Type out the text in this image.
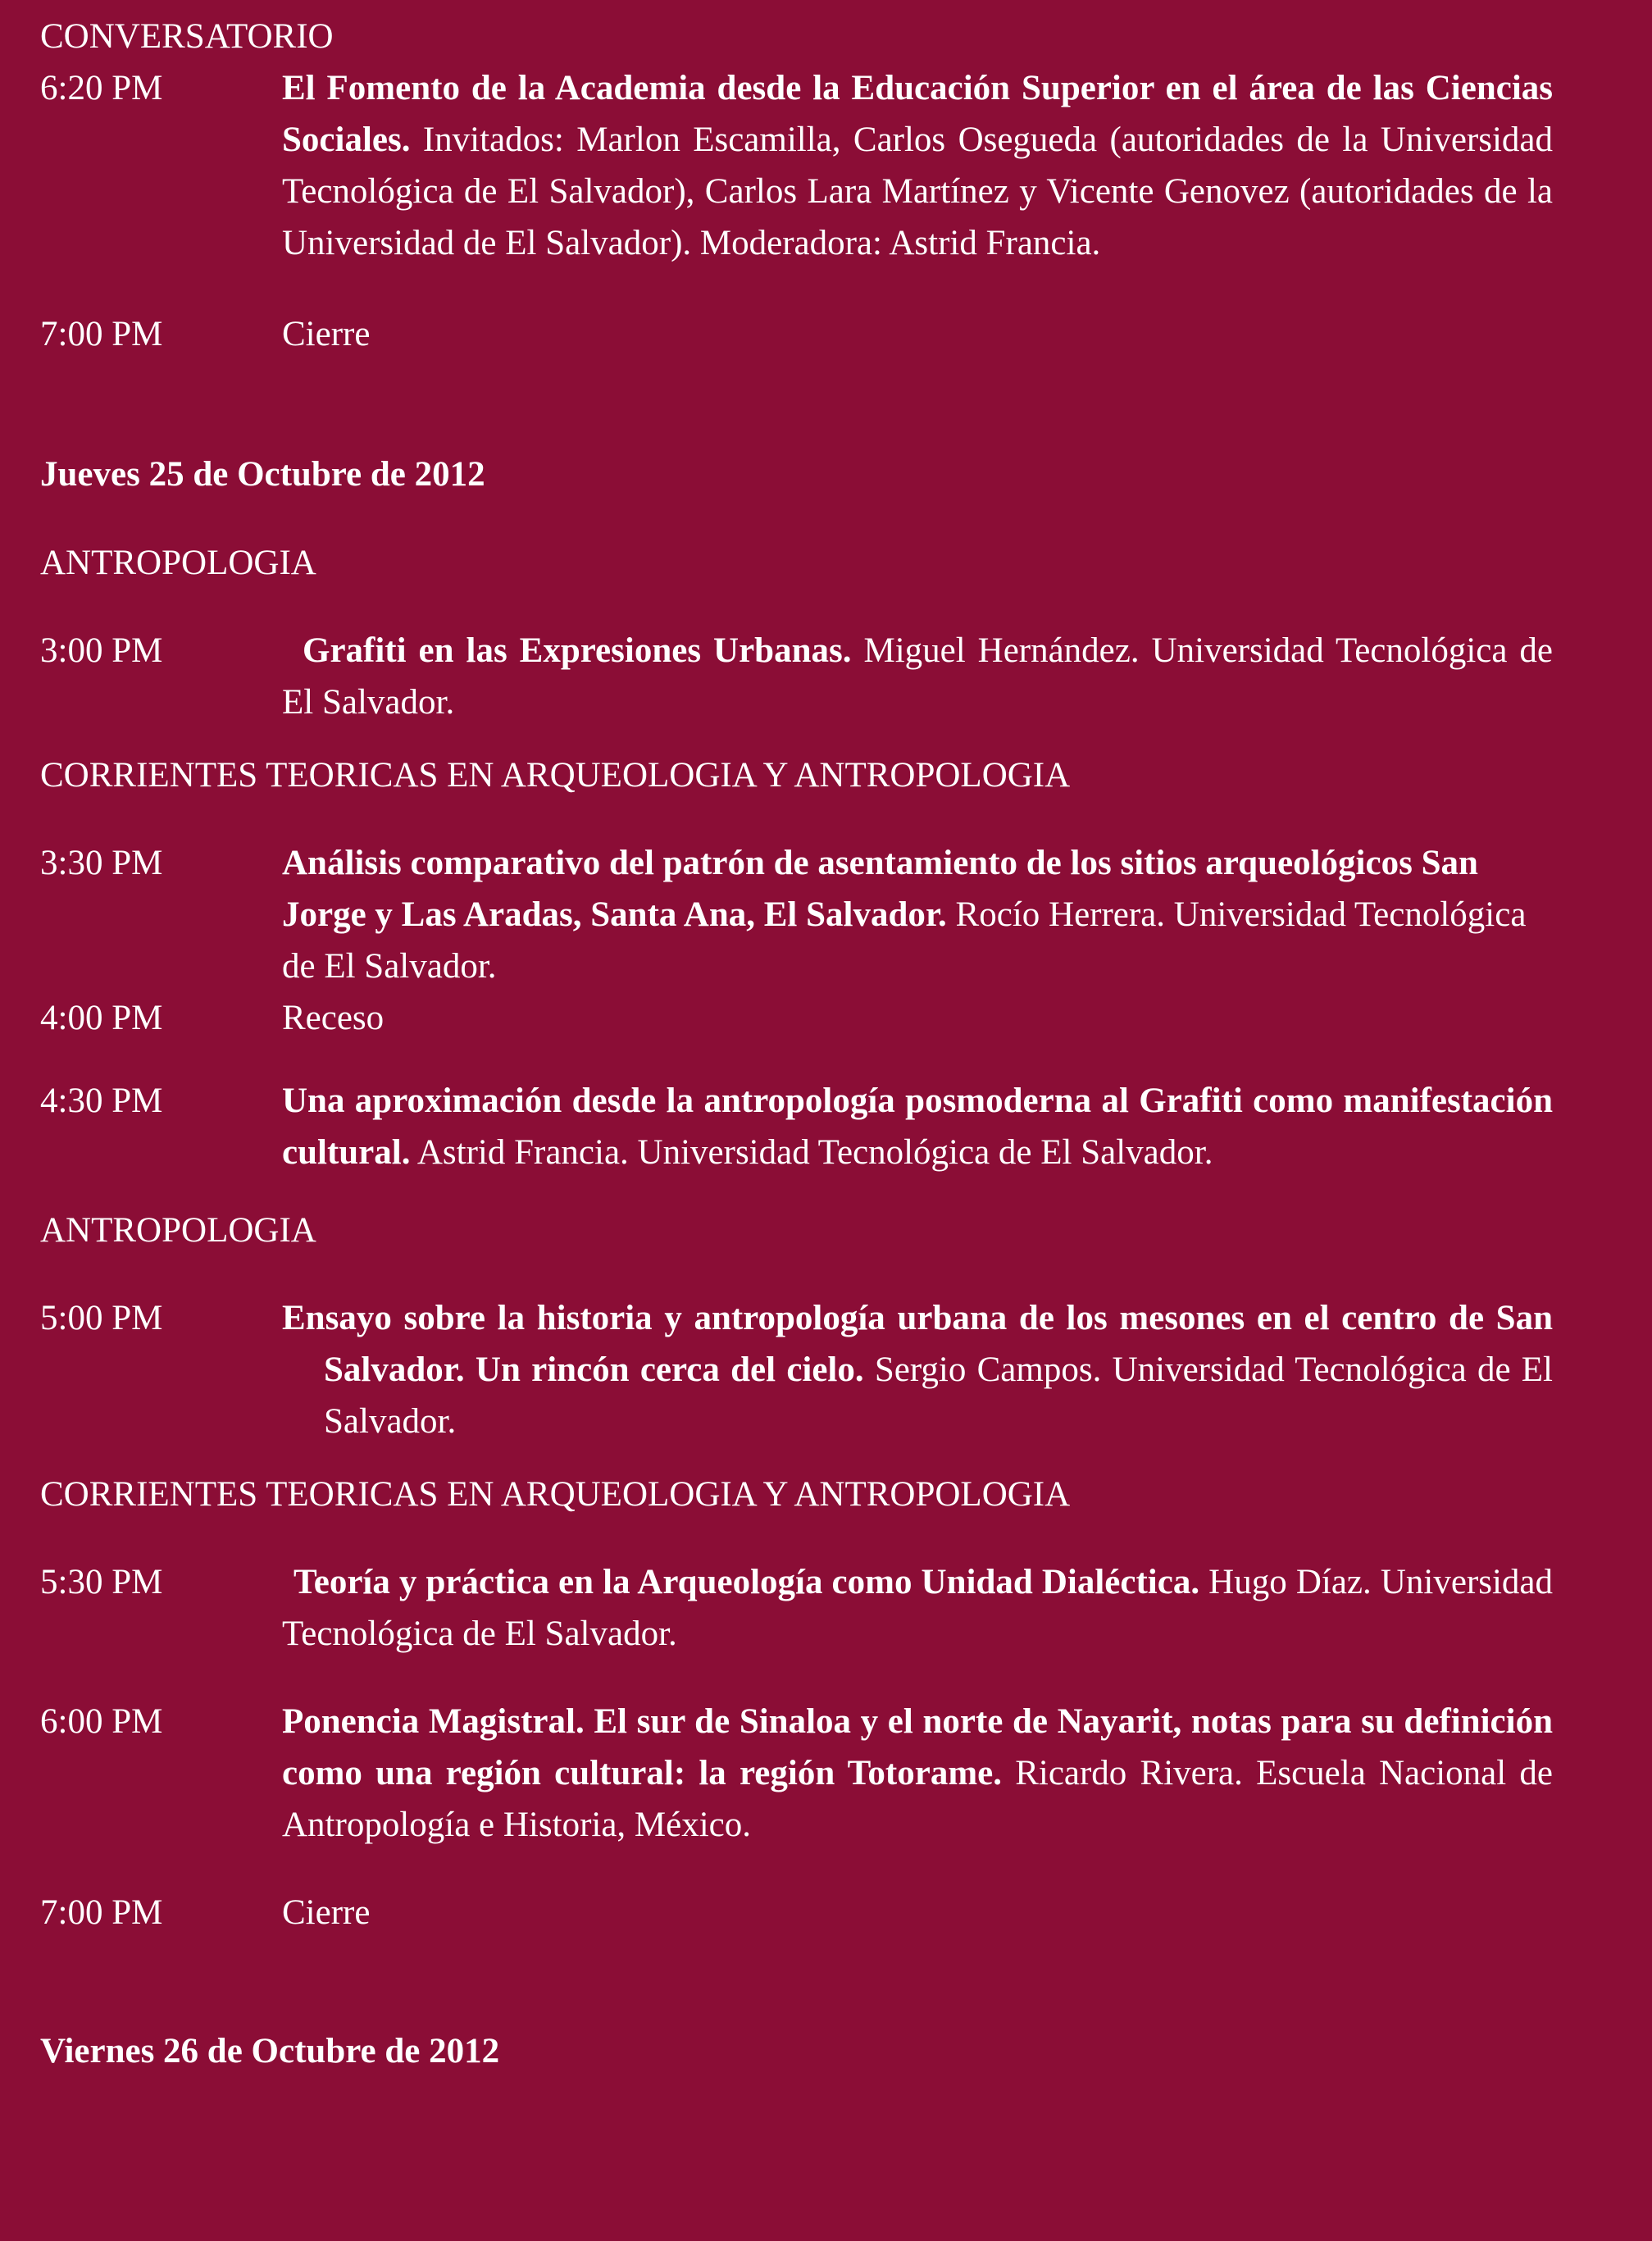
CONVERSATORIO
6:20 PM	El Fomento de la Academia desde la Educación Superior en el área de las Ciencias Sociales. Invitados: Marlon Escamilla, Carlos Osegueda (autoridades de la Universidad Tecnológica de El Salvador), Carlos Lara Martínez y Vicente Genovez (autoridades de la Universidad de El Salvador). Moderadora: Astrid Francia.
7:00 PM	Cierre
Jueves 25 de Octubre de 2012
ANTROPOLOGIA
3:00 PM	Grafiti en las Expresiones Urbanas. Miguel Hernández. Universidad Tecnológica de El Salvador.
CORRIENTES TEORICAS EN ARQUEOLOGIA Y ANTROPOLOGIA
3:30 PM	Análisis comparativo del patrón de asentamiento de los sitios arqueológicos San Jorge y Las Aradas, Santa Ana, El Salvador. Rocío Herrera. Universidad Tecnológica de El Salvador.
4:00 PM	Receso
4:30 PM	Una aproximación desde la antropología posmoderna al Grafiti como manifestación cultural. Astrid Francia. Universidad Tecnológica de El Salvador.
ANTROPOLOGIA
5:00 PM	Ensayo sobre la historia y antropología urbana de los mesones en el centro de San Salvador. Un rincón cerca del cielo. Sergio Campos. Universidad Tecnológica de El Salvador.
CORRIENTES TEORICAS EN ARQUEOLOGIA Y ANTROPOLOGIA
5:30 PM	Teoría y práctica en la Arqueología como Unidad Dialéctica. Hugo Díaz. Universidad Tecnológica de El Salvador.
6:00 PM	Ponencia Magistral. El sur de Sinaloa y el norte de Nayarit, notas para su definición como una región cultural: la región Totorame. Ricardo Rivera. Escuela Nacional de Antropología e Historia, México.
7:00 PM	Cierre
Viernes 26 de Octubre de 2012
